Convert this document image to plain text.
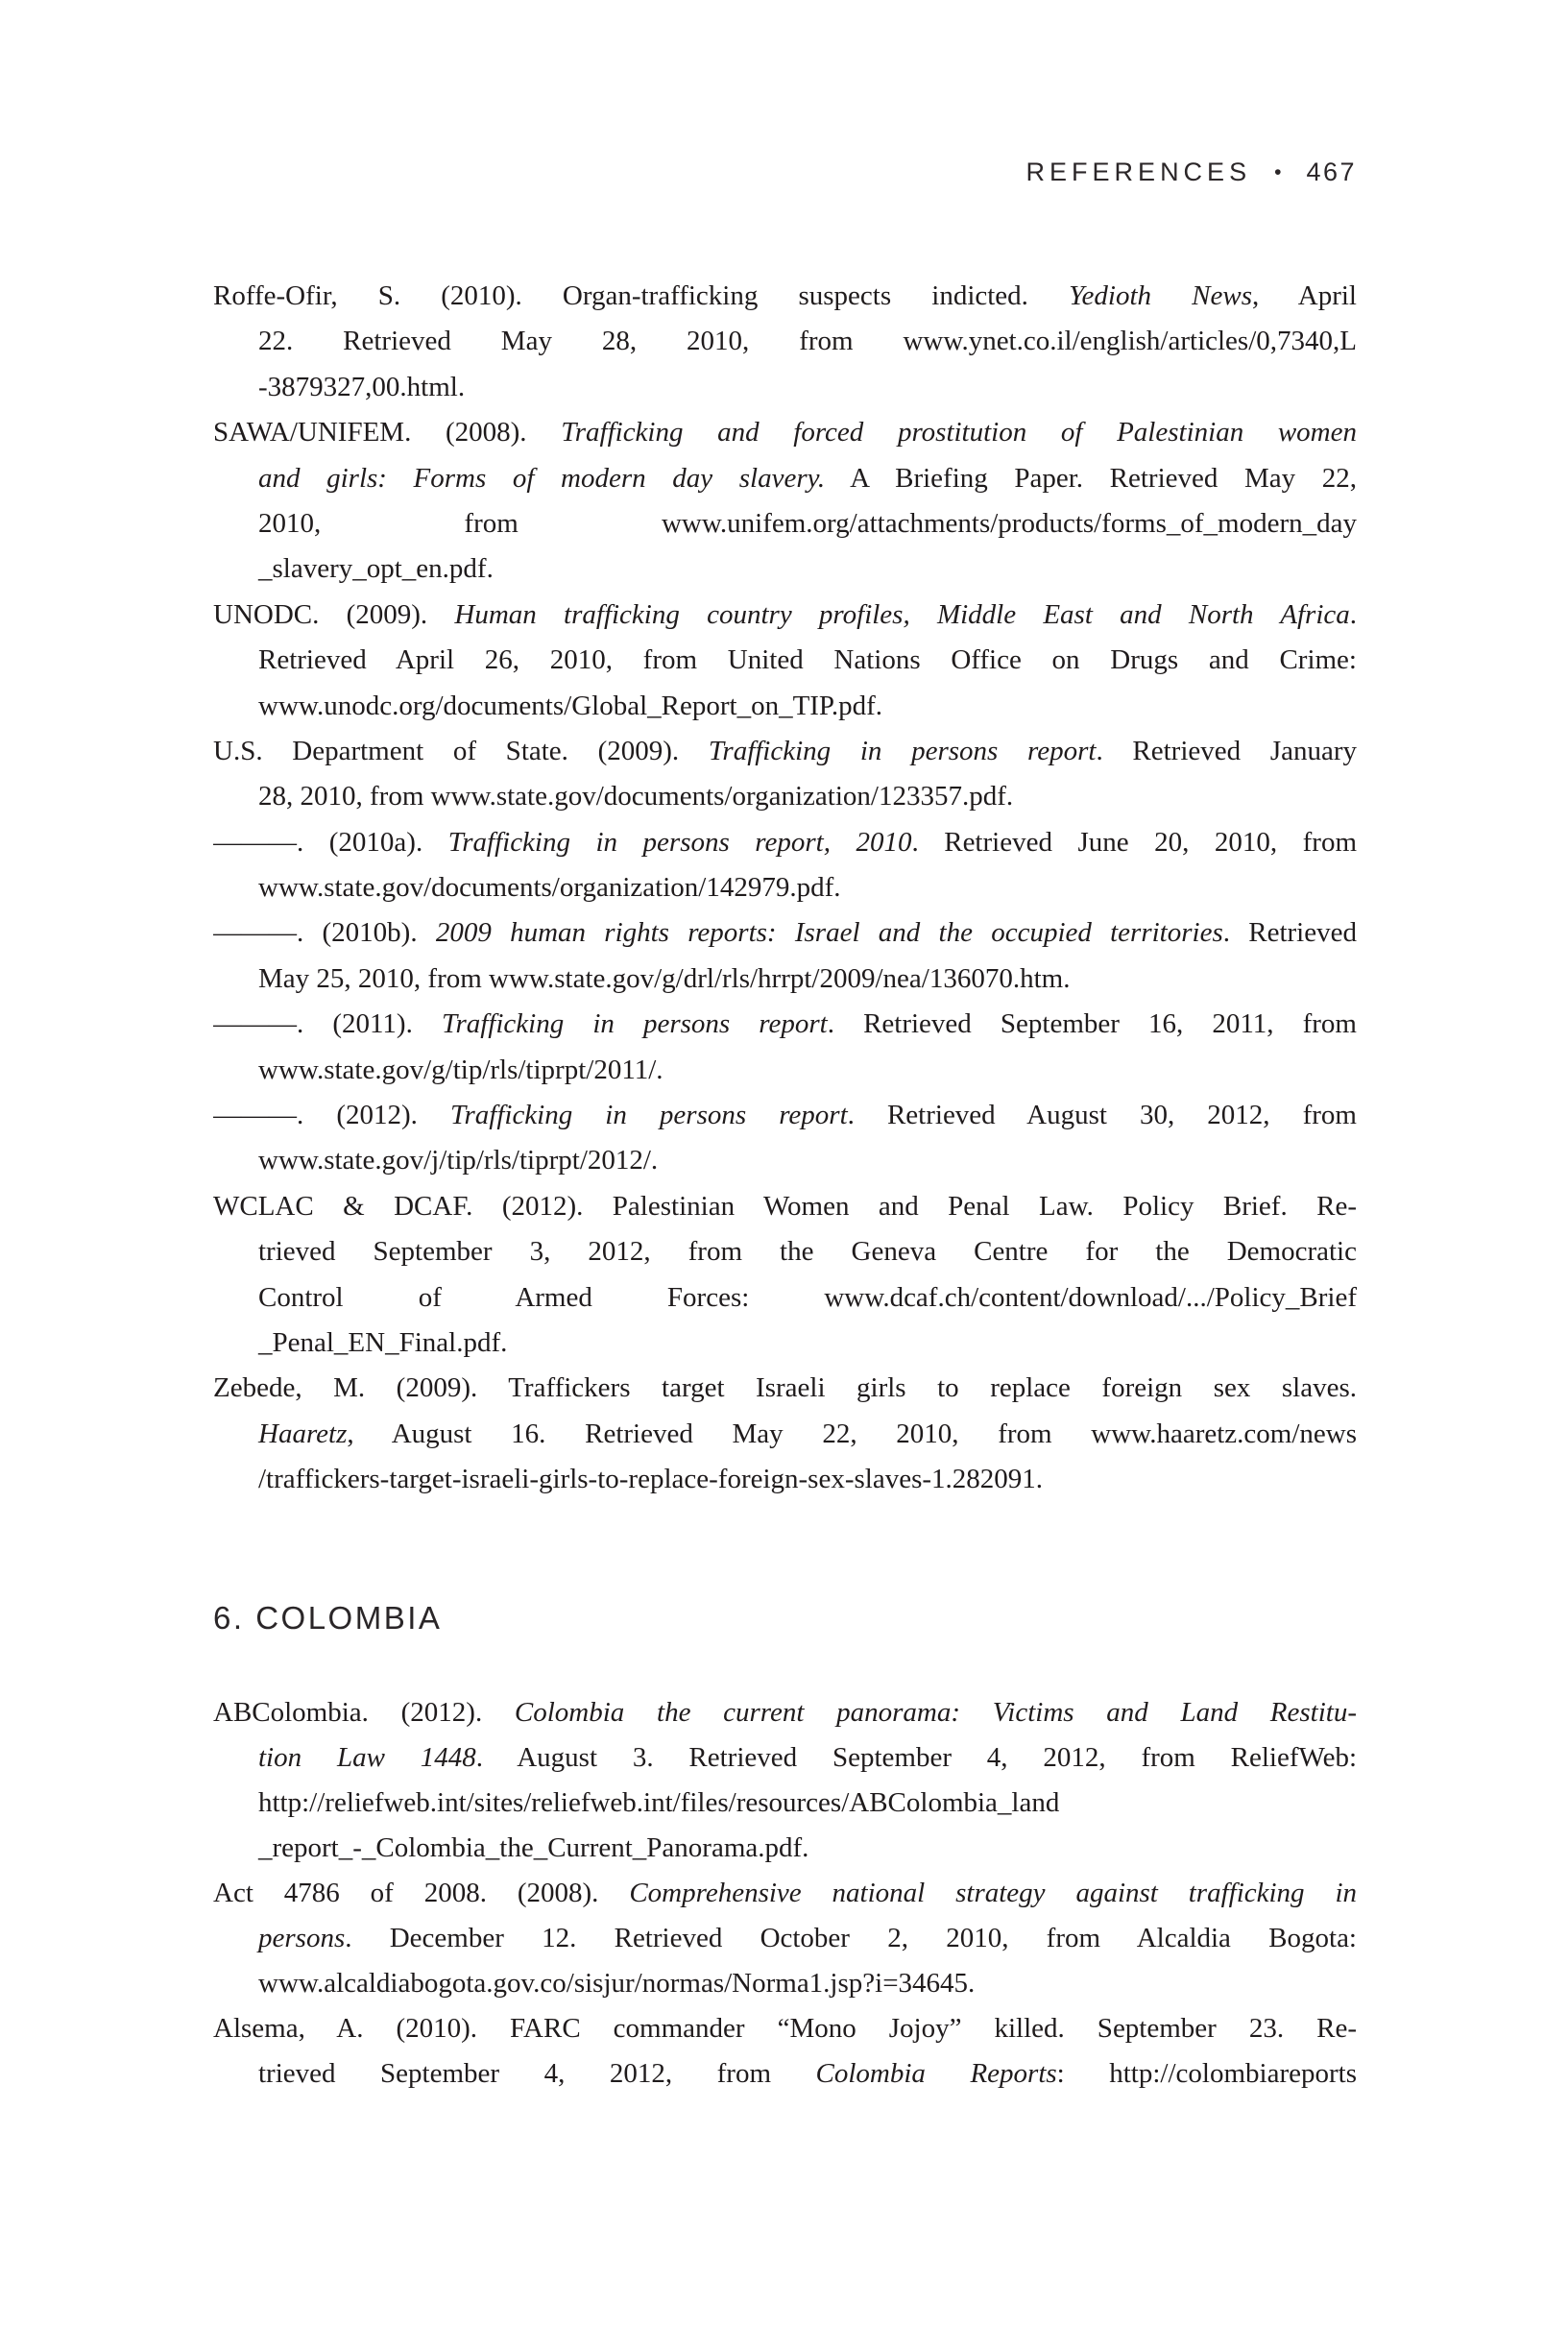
REFERENCES • 467
Roffe-Ofir, S. (2010). Organ-trafficking suspects indicted. Yedioth News, April
22. Retrieved May 28, 2010, from www.ynet.co.il/english/articles/0,7340,L
-3879327,00.html.
SAWA/UNIFEM. (2008). Trafficking and forced prostitution of Palestinian women
and girls: Forms of modern day slavery. A Briefing Paper. Retrieved May 22,
2010, from www.unifem.org/attachments/products/forms_of_modern_day
_slavery_opt_en.pdf.
UNODC. (2009). Human trafficking country profiles, Middle East and North Africa.
Retrieved April 26, 2010, from United Nations Office on Drugs and Crime:
www.unodc.org/documents/Global_Report_on_TIP.pdf.
U.S. Department of State. (2009). Trafficking in persons report. Retrieved January
28, 2010, from www.state.gov/documents/organization/123357.pdf.
———. (2010a). Trafficking in persons report, 2010. Retrieved June 20, 2010, from
www.state.gov/documents/organization/142979.pdf.
———. (2010b). 2009 human rights reports: Israel and the occupied territories. Retrieved
May 25, 2010, from www.state.gov/g/drl/rls/hrrpt/2009/nea/136070.htm.
———. (2011). Trafficking in persons report. Retrieved September 16, 2011, from
www.state.gov/g/tip/rls/tiprpt/2011/.
———. (2012). Trafficking in persons report. Retrieved August 30, 2012, from
www.state.gov/j/tip/rls/tiprpt/2012/.
WCLAC & DCAF. (2012). Palestinian Women and Penal Law. Policy Brief. Re-
trieved September 3, 2012, from the Geneva Centre for the Democratic
Control of Armed Forces: www.dcaf.ch/content/download/.../Policy_Brief
_Penal_EN_Final.pdf.
Zebede, M. (2009). Traffickers target Israeli girls to replace foreign sex slaves.
Haaretz, August 16. Retrieved May 22, 2010, from www.haaretz.com/news
/traffickers-target-israeli-girls-to-replace-foreign-sex-slaves-1.282091.
6. COLOMBIA
ABColombia. (2012). Colombia the current panorama: Victims and Land Restitu-
tion Law 1448. August 3. Retrieved September 4, 2012, from ReliefWeb:
http://reliefweb.int/sites/reliefweb.int/files/resources/ABColombia_land
_report_-_Colombia_the_Current_Panorama.pdf.
Act 4786 of 2008. (2008). Comprehensive national strategy against trafficking in
persons. December 12. Retrieved October 2, 2010, from Alcaldia Bogota:
www.alcaldiabogota.gov.co/sisjur/normas/Norma1.jsp?i=34645.
Alsema, A. (2010). FARC commander “Mono Jojoy” killed. September 23. Re-
trieved September 4, 2012, from Colombia Reports: http://colombiareports
